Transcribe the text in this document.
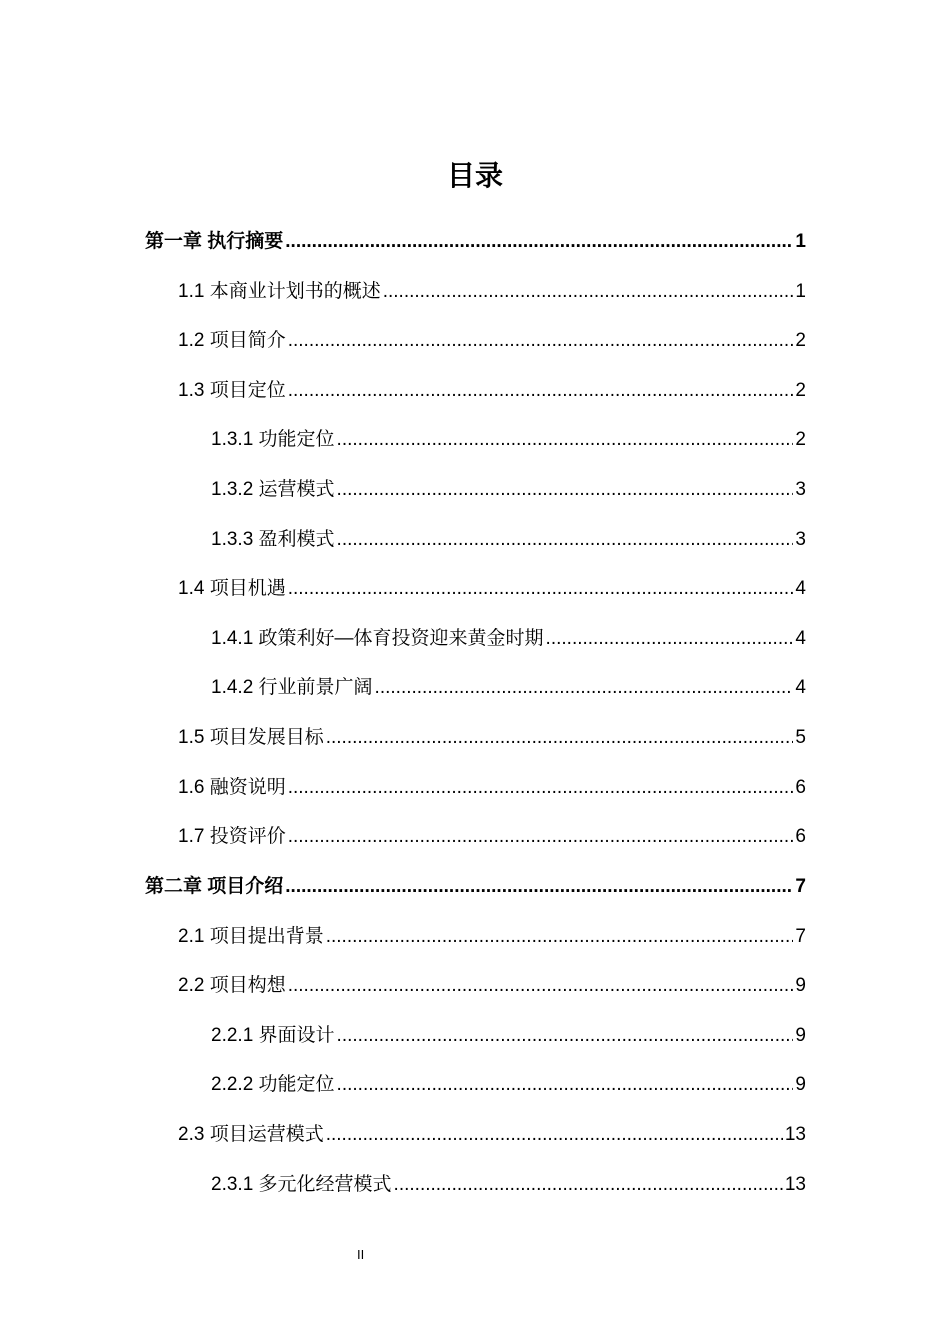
目录
第一章 执行摘要 .....	1
1.1 本商业计划书的概述 .....	1
1.2 项目简介 .....	2
1.3 项目定位 .....	2
1.3.1 功能定位 .....	2
1.3.2 运营模式 .....	3
1.3.3 盈利模式 .....	3
1.4 项目机遇 .....	4
1.4.1 政策利好—体育投资迎来黄金时期 .....	4
1.4.2 行业前景广阔 .....	4
1.5 项目发展目标 .....	5
1.6 融资说明 .....	6
1.7 投资评价 .....	6
第二章 项目介绍 .....	7
2.1 项目提出背景 .....	7
2.2 项目构想 .....	9
2.2.1 界面设计 .....	9
2.2.2 功能定位 .....	9
2.3 项目运营模式 .....	13
2.3.1 多元化经营模式 .....	13
II
